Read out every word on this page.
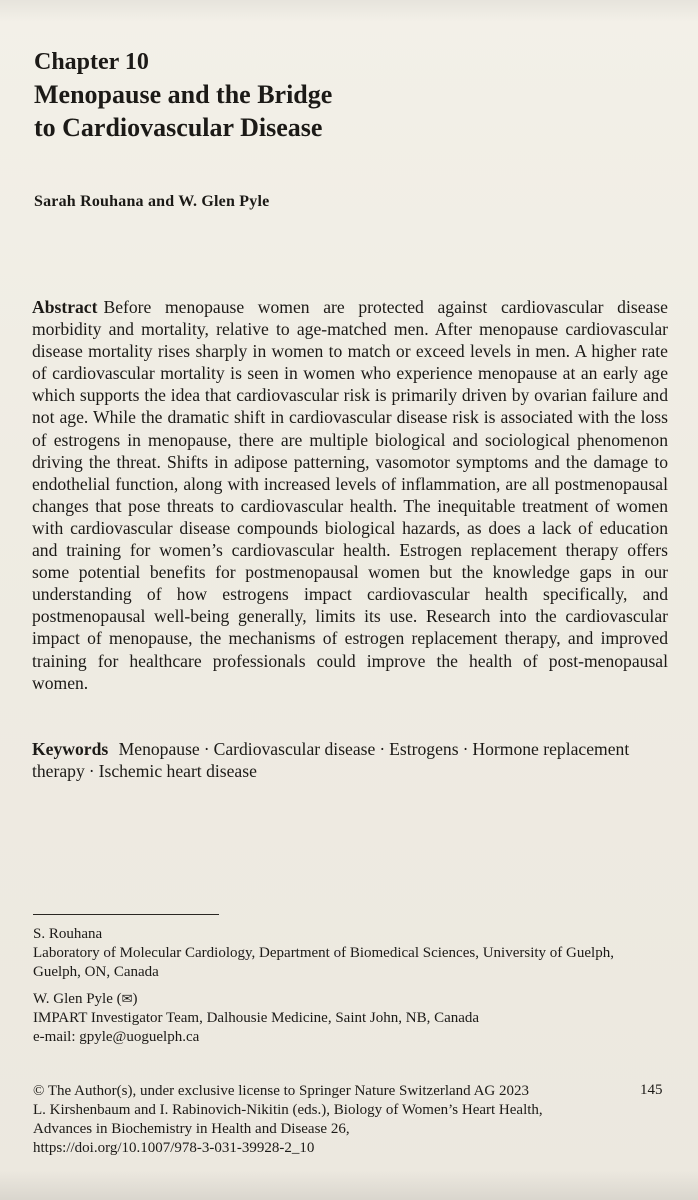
Chapter 10
Menopause and the Bridge
to Cardiovascular Disease
Sarah Rouhana and W. Glen Pyle

Abstract Before menopause women are protected against cardiovascular disease morbidity and mortality, relative to age-matched men. After menopause cardiovascular disease mortality rises sharply in women to match or exceed levels in men. A higher rate of cardiovascular mortality is seen in women who experience menopause at an early age which supports the idea that cardiovascular risk is primarily driven by ovarian failure and not age. While the dramatic shift in cardiovascular disease risk is associated with the loss of estrogens in menopause, there are multiple biological and sociological phenomenon driving the threat. Shifts in adipose patterning, vasomotor symptoms and the damage to endothelial function, along with increased levels of inflammation, are all postmenopausal changes that pose threats to cardiovascular health. The inequitable treatment of women with cardiovascular disease compounds biological hazards, as does a lack of education and training for women’s cardiovascular health. Estrogen replacement therapy offers some potential benefits for postmenopausal women but the knowledge gaps in our understanding of how estrogens impact cardiovascular health specifically, and postmenopausal well-being generally, limits its use. Research into the cardiovascular impact of menopause, the mechanisms of estrogen replacement therapy, and improved training for healthcare professionals could improve the health of post-menopausal women.

Keywords Menopause · Cardiovascular disease · Estrogens · Hormone replacement therapy · Ischemic heart disease

S. Rouhana
Laboratory of Molecular Cardiology, Department of Biomedical Sciences, University of Guelph,
Guelph, ON, Canada
W. Glen Pyle (✉)
IMPART Investigator Team, Dalhousie Medicine, Saint John, NB, Canada
e-mail: gpyle@uoguelph.ca
© The Author(s), under exclusive license to Springer Nature Switzerland AG 2023
L. Kirshenbaum and I. Rabinovich-Nikitin (eds.), Biology of Women’s Heart Health,
Advances in Biochemistry in Health and Disease 26,
https://doi.org/10.1007/978-3-031-39928-2_10
145
